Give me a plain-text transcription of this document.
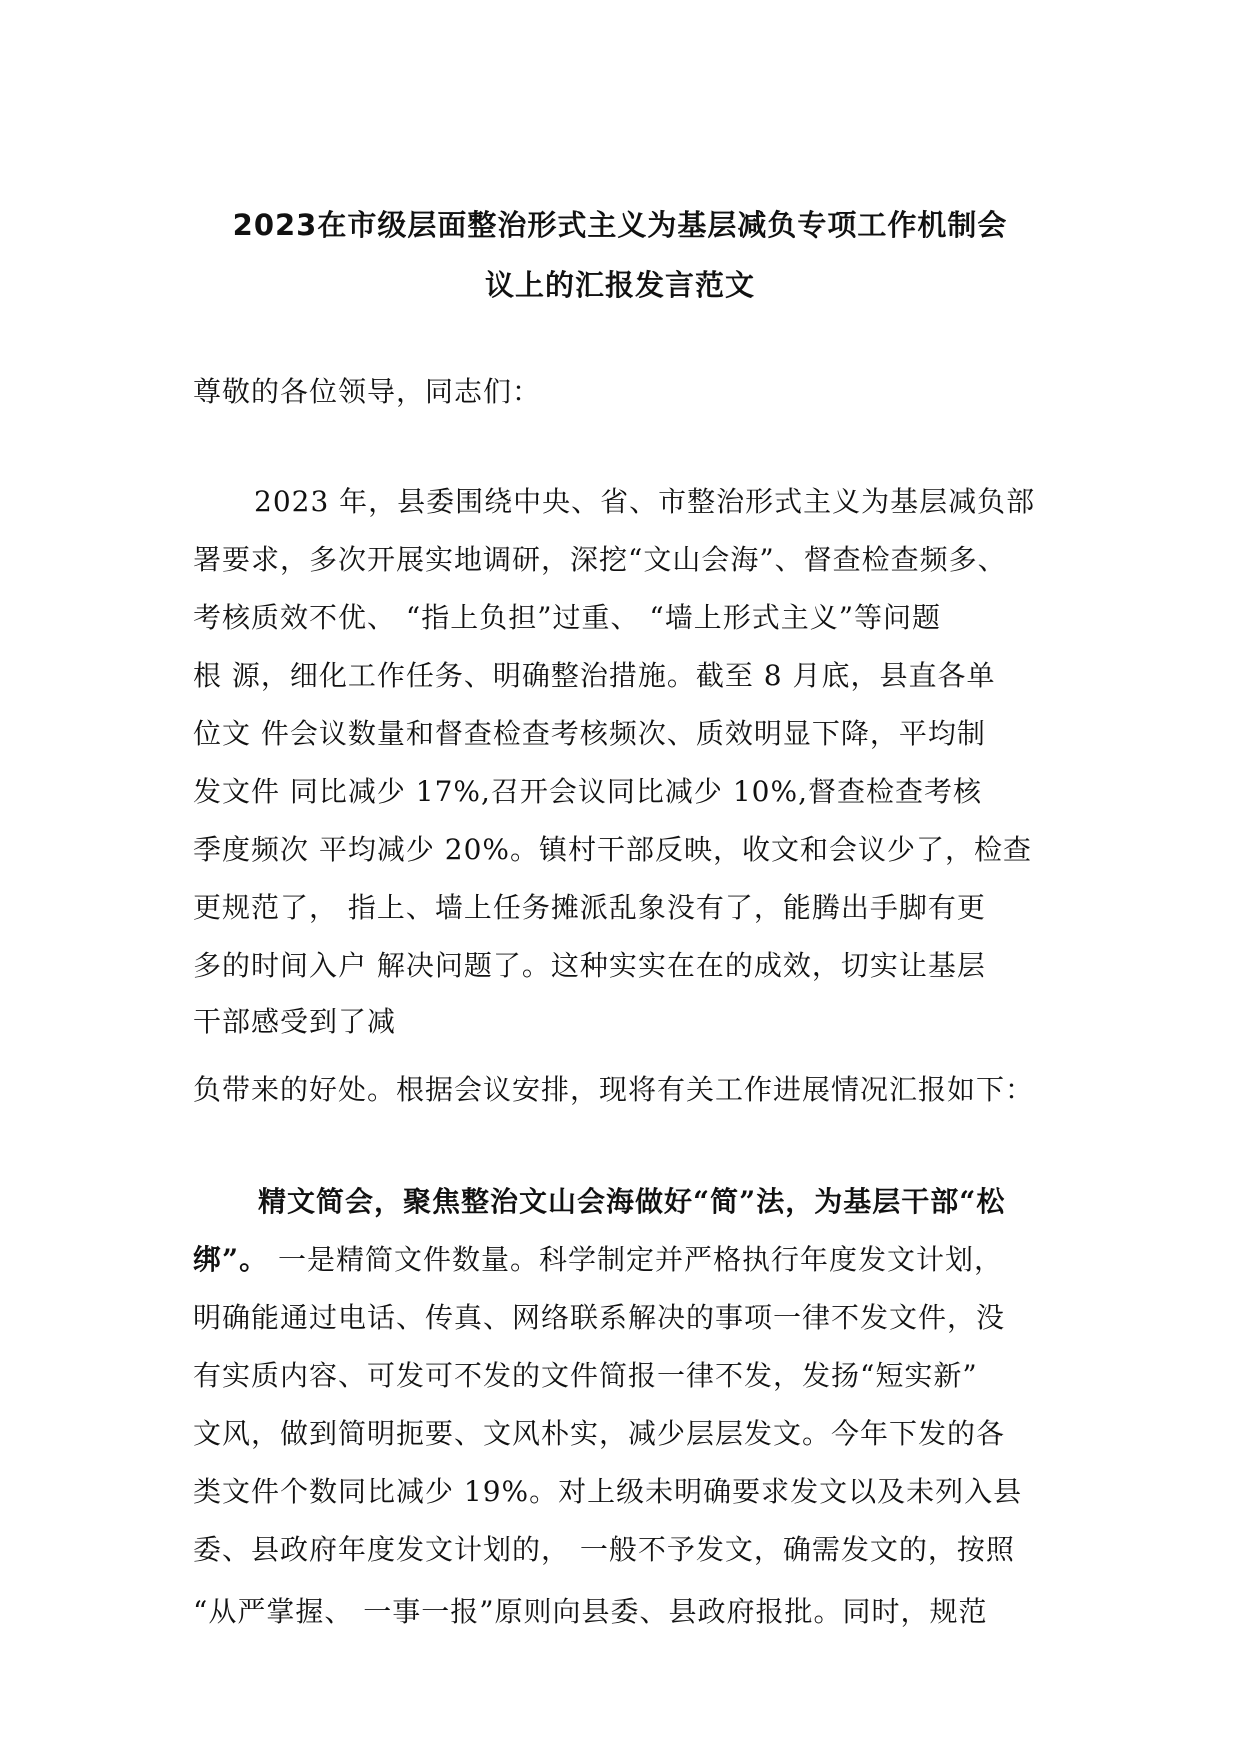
2023在市级层面整治形式主义为基层减负专项工作机制会
议上的汇报发言范文
尊敬的各位领导，同志们：
2023 年，县委围绕中央、省、市整治形式主义为基层减负部
署要求，多次开展实地调研，深挖“文山会海”、督查检查频多、
考核质效不优、 “指上负担”过重、 “墙上形式主义”等问题
根 源，细化工作任务、明确整治措施。截至 8 月底，县直各单
位文 件会议数量和督查检查考核频次、质效明显下降，平均制
发文件 同比减少 17%,召开会议同比减少 10%,督查检查考核
季度频次 平均减少 20%。镇村干部反映，收文和会议少了，检查
更规范了， 指上、墙上任务摊派乱象没有了，能腾出手脚有更
多的时间入户 解决问题了。这种实实在在的成效，切实让基层
干部感受到了减
负带来的好处。根据会议安排，现将有关工作进展情况汇报如下：
精文简会，聚焦整治文山会海做好“简”法，为基层干部“松
绑”。 一是精简文件数量。科学制定并严格执行年度发文计划，
明确能通过电话、传真、网络联系解决的事项一律不发文件，没
有实质内容、可发可不发的文件简报一律不发，发扬“短实新”
文风，做到简明扼要、文风朴实，减少层层发文。今年下发的各
类文件个数同比减少 19%。对上级未明确要求发文以及未列入县
委、县政府年度发文计划的， 一般不予发文，确需发文的，按照
“从严掌握、 一事一报”原则向县委、县政府报批。同时，规范
